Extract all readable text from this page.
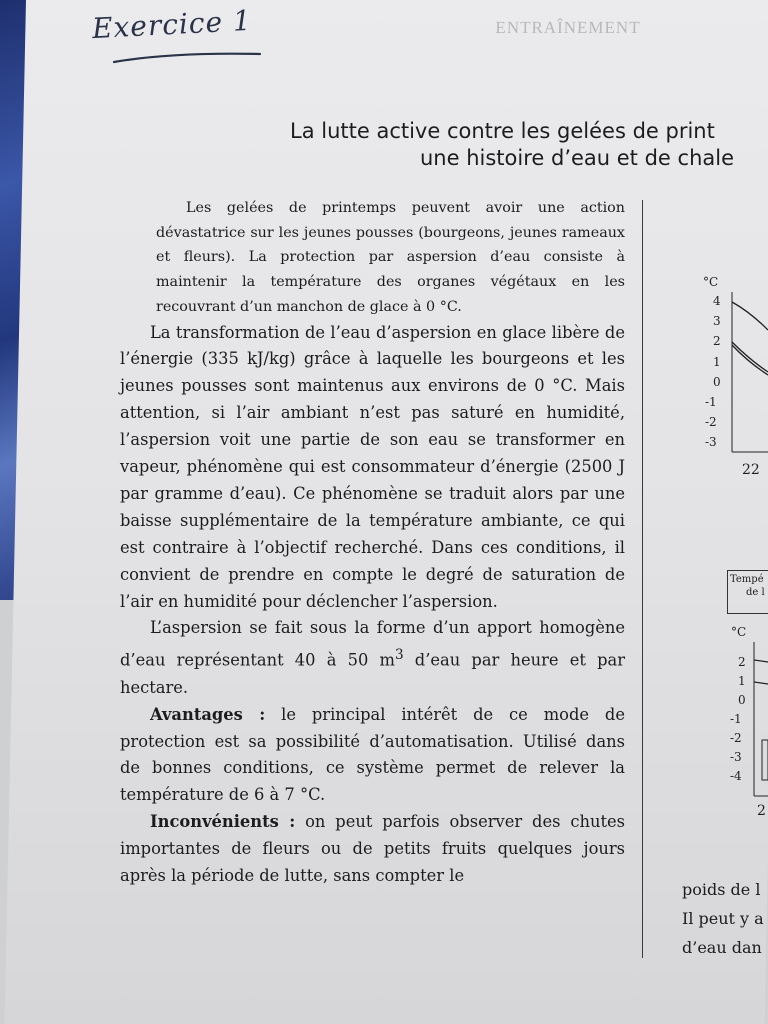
ENTRAÎNEMENT
Exercice 1
La lutte active contre les gelées de print
une histoire d’eau et de chale

Les gelées de printemps peuvent avoir une action dévastatrice sur les jeunes pousses (bourgeons, jeunes rameaux et fleurs). La protection par aspersion d’eau consiste à maintenir la température des organes végétaux en les recouvrant d’un manchon de glace à 0 °C.

La transformation de l’eau d’aspersion en glace libère de l’énergie (335 kJ/kg) grâce à laquelle les bourgeons et les jeunes pousses sont maintenus aux environs de 0 °C. Mais attention, si l’air ambiant n’est pas saturé en humidité, l’aspersion voit une partie de son eau se transformer en vapeur, phénomène qui est consommateur d’énergie (2500 J par gramme d’eau). Ce phénomène se traduit alors par une baisse supplémentaire de la température ambiante, ce qui est contraire à l’objectif recherché. Dans ces conditions, il convient de prendre en compte le degré de saturation de l’air en humidité pour déclencher l’aspersion.

L’aspersion se fait sous la forme d’un apport homogène d’eau représentant 40 à 50 $m^3$ d’eau par heure et par hectare.

Avantages : le principal intérêt de ce mode de protection est sa possibilité d’automatisation. Utilisé dans de bonnes conditions, ce système permet de relever la température de 6 à 7 °C.

Inconvénients : on peut parfois observer des chutes importantes de fleurs ou de petits fruits quelques jours après la période de lutte, sans compter le

°C
4
3
2
1
0
-1
-2
-3
22
Tempé
de l
°C
2
1
0
-1
-2
-3
-4
2
poids de l
Il peut y a
d’eau dan
